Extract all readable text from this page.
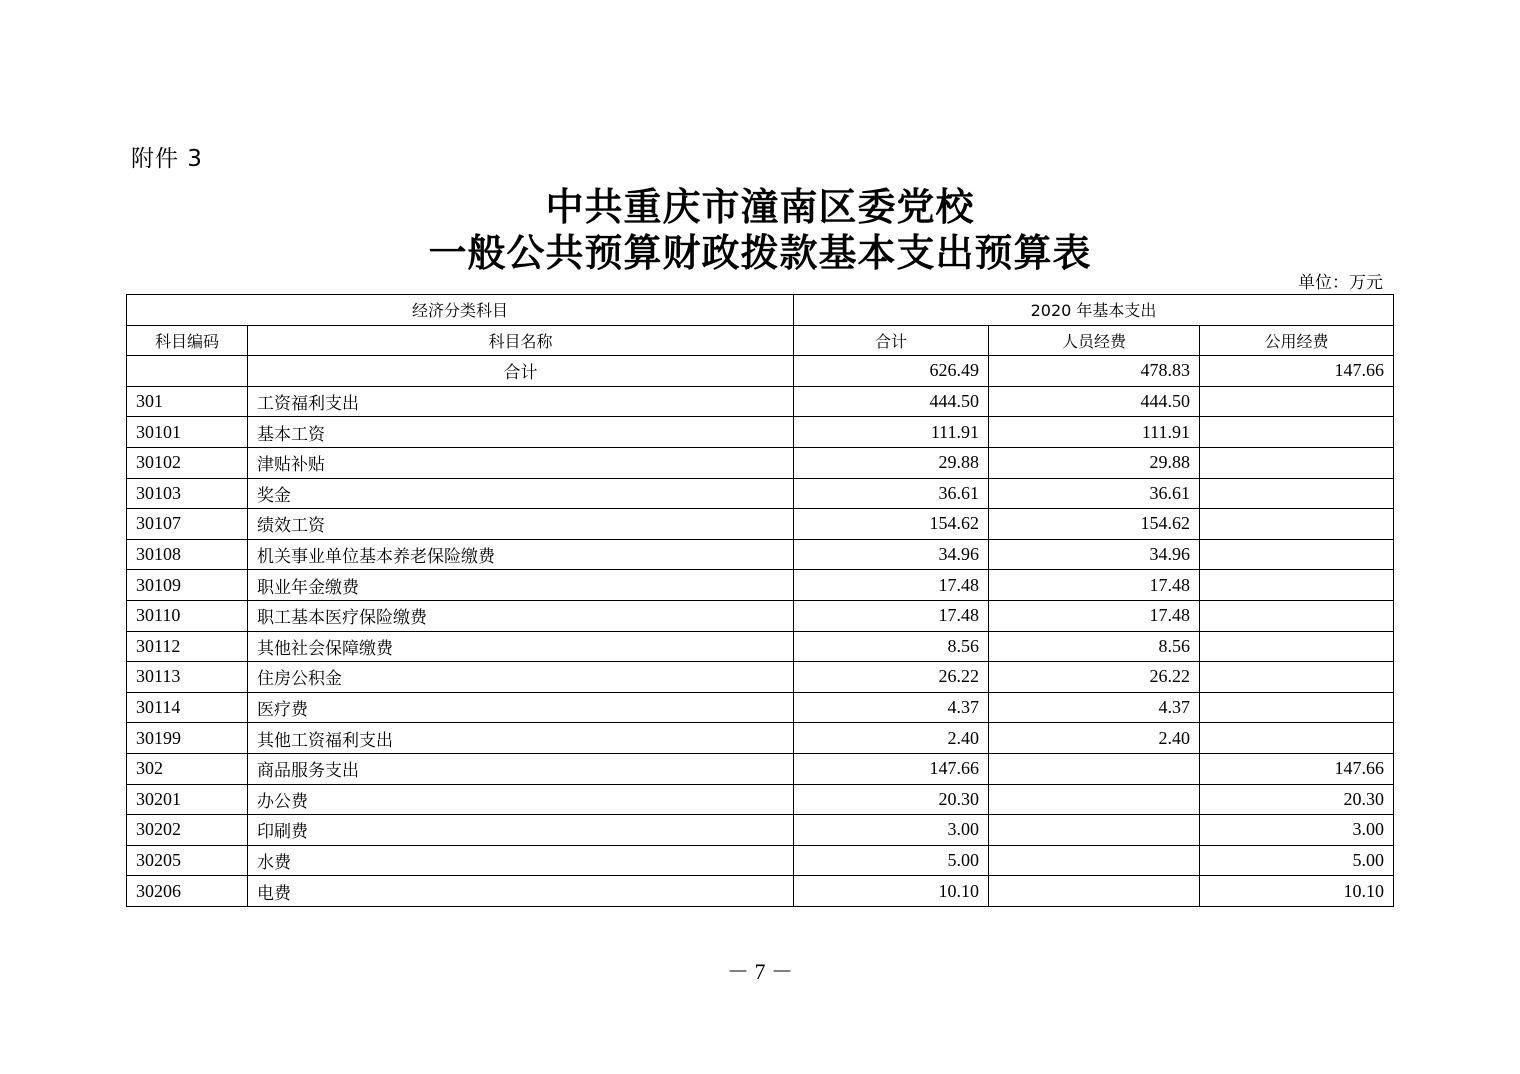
附件 3
中共重庆市潼南区委党校
一般公共预算财政拨款基本支出预算表
单位：万元
经济分类科目		2020 年基本支出		
科目编码	科目名称	合计	人员经费	公用经费
	合计	626.49	478.83	147.66
301	工资福利支出	444.50	444.50	
30101	基本工资	111.91	111.91	
30102	津贴补贴	29.88	29.88	
30103	奖金	36.61	36.61	
30107	绩效工资	154.62	154.62	
30108	机关事业单位基本养老保险缴费	34.96	34.96	
30109	职业年金缴费	17.48	17.48	
30110	职工基本医疗保险缴费	17.48	17.48	
30112	其他社会保障缴费	8.56	8.56	
30113	住房公积金	26.22	26.22	
30114	医疗费	4.37	4.37	
30199	其他工资福利支出	2.40	2.40	
302	商品服务支出	147.66		147.66
30201	办公费	20.30		20.30
30202	印刷费	3.00		3.00
30205	水费	5.00		5.00
30206	电费	10.10		10.10
－ 7 －
